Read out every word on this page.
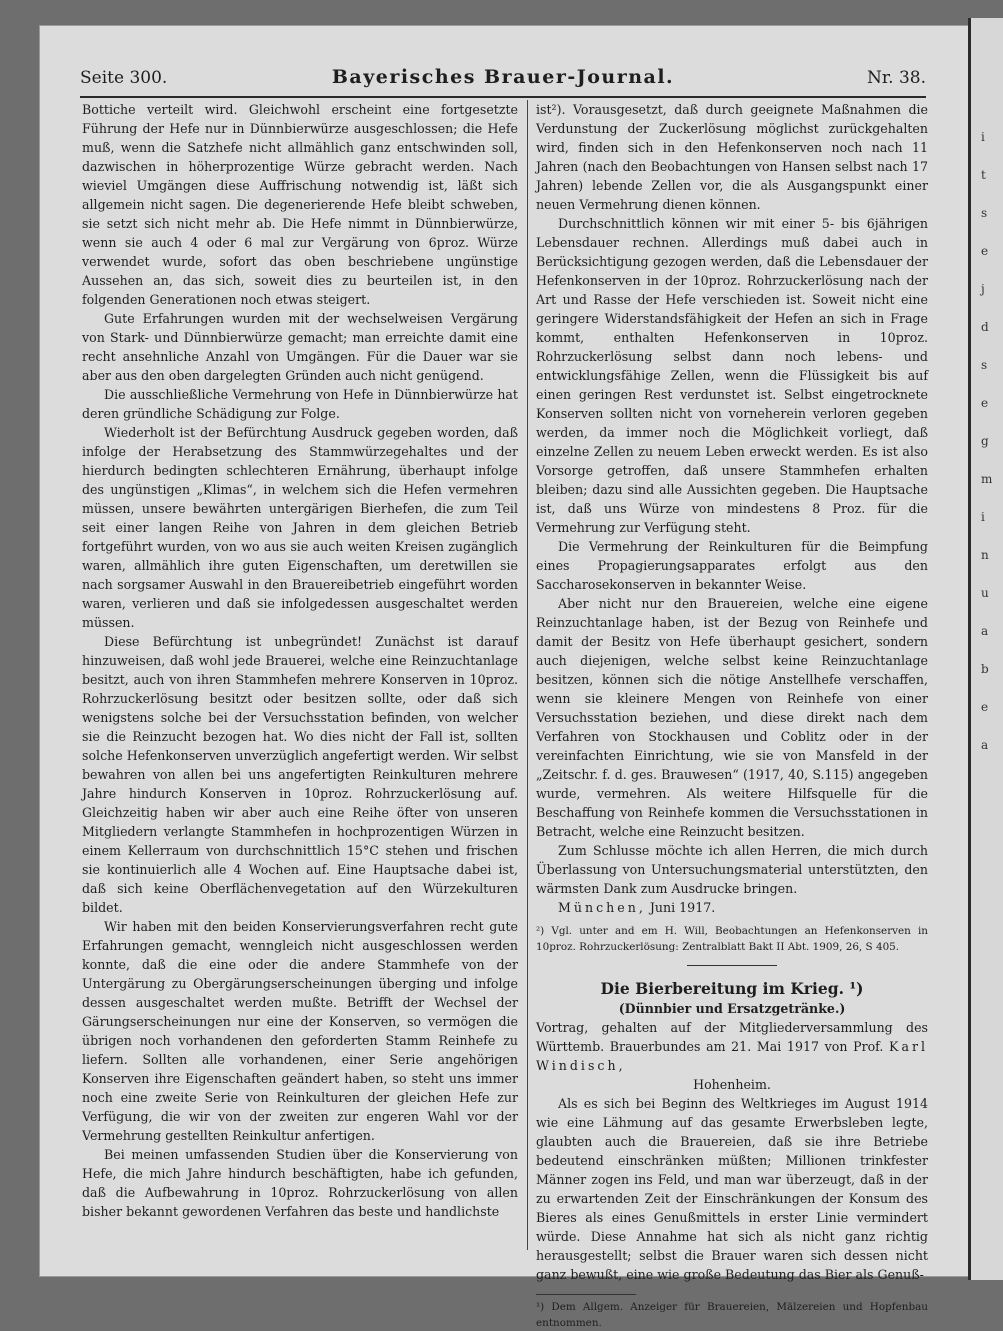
i
t
s
e
j
d
s
e
g
m
i
n
u
a
b
e
a
Seite 300.	Bayerisches Brauer-Journal.	Nr. 38.

Bottiche verteilt wird. Gleichwohl erscheint eine fortgesetzte Führung der Hefe nur in Dünnbierwürze ausgeschlossen; die Hefe muß, wenn die Satzhefe nicht allmählich ganz entschwinden soll, dazwischen in höherprozentige Würze gebracht werden. Nach wieviel Umgängen diese Auffrischung notwendig ist, läßt sich allgemein nicht sagen. Die degenerierende Hefe bleibt schweben, sie setzt sich nicht mehr ab. Die Hefe nimmt in Dünnbierwürze, wenn sie auch 4 oder 6 mal zur Vergärung von 6proz. Würze verwendet wurde, sofort das oben beschriebene ungünstige Aussehen an, das sich, soweit dies zu beurteilen ist, in den folgenden Generationen noch etwas steigert.

Gute Erfahrungen wurden mit der wechselweisen Vergärung von Stark- und Dünnbierwürze gemacht; man erreichte damit eine recht ansehnliche Anzahl von Umgängen. Für die Dauer war sie aber aus den oben dargelegten Gründen auch nicht genügend.

Die ausschließliche Vermehrung von Hefe in Dünnbierwürze hat deren gründliche Schädigung zur Folge.

Wiederholt ist der Befürchtung Ausdruck gegeben worden, daß infolge der Herabsetzung des Stammwürzegehaltes und der hierdurch bedingten schlechteren Ernährung, überhaupt infolge des ungünstigen „Klimas“, in welchem sich die Hefen vermehren müssen, unsere bewährten untergärigen Bierhefen, die zum Teil seit einer langen Reihe von Jahren in dem gleichen Betrieb fortgeführt wurden, von wo aus sie auch weiten Kreisen zugänglich waren, allmählich ihre guten Eigenschaften, um deretwillen sie nach sorgsamer Auswahl in den Brauereibetrieb eingeführt worden waren, verlieren und daß sie infolgedessen ausgeschaltet werden müssen.

Diese Befürchtung ist unbegründet! Zunächst ist darauf hinzuweisen, daß wohl jede Brauerei, welche eine Reinzuchtanlage besitzt, auch von ihren Stammhefen mehrere Konserven in 10proz. Rohrzuckerlösung besitzt oder besitzen sollte, oder daß sich wenigstens solche bei der Versuchsstation befinden, von welcher sie die Reinzucht bezogen hat. Wo dies nicht der Fall ist, sollten solche Hefenkonserven unverzüglich angefertigt werden. Wir selbst bewahren von allen bei uns angefertigten Reinkulturen mehrere Jahre hindurch Konserven in 10proz. Rohrzuckerlösung auf. Gleichzeitig haben wir aber auch eine Reihe öfter von unseren Mitgliedern verlangte Stammhefen in hochprozentigen Würzen in einem Kellerraum von durchschnittlich 15°C stehen und frischen sie kontinuierlich alle 4 Wochen auf. Eine Hauptsache dabei ist, daß sich keine Oberflächenvegetation auf den Würzekulturen bildet.

Wir haben mit den beiden Konservierungsverfahren recht gute Erfahrungen gemacht, wenngleich nicht ausgeschlossen werden konnte, daß die eine oder die andere Stammhefe von der Untergärung zu Obergärungserscheinungen überging und infolge dessen ausgeschaltet werden mußte. Betrifft der Wechsel der Gärungserscheinungen nur eine der Konserven, so vermögen die übrigen noch vorhandenen den geforderten Stamm Reinhefe zu liefern. Sollten alle vorhandenen, einer Serie angehörigen Konserven ihre Eigenschaften geändert haben, so steht uns immer noch eine zweite Serie von Reinkulturen der gleichen Hefe zur Verfügung, die wir von der zweiten zur engeren Wahl vor der Vermehrung gestellten Reinkultur anfertigen.

Bei meinen umfassenden Studien über die Konservierung von Hefe, die mich Jahre hindurch beschäftigten, habe ich gefunden, daß die Aufbewahrung in 10proz. Rohrzuckerlösung von allen bisher bekannt gewordenen Verfahren das beste und handlichste

ist²). Vorausgesetzt, daß durch geeignete Maßnahmen die Verdunstung der Zuckerlösung möglichst zurückgehalten wird, finden sich in den Hefenkonserven noch nach 11 Jahren (nach den Beobachtungen von Hansen selbst nach 17 Jahren) lebende Zellen vor, die als Ausgangspunkt einer neuen Vermehrung dienen können.

Durchschnittlich können wir mit einer 5- bis 6jährigen Lebensdauer rechnen. Allerdings muß dabei auch in Berücksichtigung gezogen werden, daß die Lebensdauer der Hefenkonserven in der 10proz. Rohrzuckerlösung nach der Art und Rasse der Hefe verschieden ist. Soweit nicht eine geringere Widerstandsfähigkeit der Hefen an sich in Frage kommt, enthalten Hefenkonserven in 10proz. Rohrzuckerlösung selbst dann noch lebens- und entwicklungsfähige Zellen, wenn die Flüssigkeit bis auf einen geringen Rest verdunstet ist. Selbst eingetrocknete Konserven sollten nicht von vorneherein verloren gegeben werden, da immer noch die Möglichkeit vorliegt, daß einzelne Zellen zu neuem Leben erweckt werden. Es ist also Vorsorge getroffen, daß unsere Stammhefen erhalten bleiben; dazu sind alle Aussichten gegeben. Die Hauptsache ist, daß uns Würze von mindestens 8 Proz. für die Vermehrung zur Verfügung steht.

Die Vermehrung der Reinkulturen für die Beimpfung eines Propagierungsapparates erfolgt aus den Saccharosekonserven in bekannter Weise.

Aber nicht nur den Brauereien, welche eine eigene Reinzuchtanlage haben, ist der Bezug von Reinhefe und damit der Besitz von Hefe überhaupt gesichert, sondern auch diejenigen, welche selbst keine Reinzuchtanlage besitzen, können sich die nötige Anstellhefe verschaffen, wenn sie kleinere Mengen von Reinhefe von einer Versuchsstation beziehen, und diese direkt nach dem Verfahren von Stockhausen und Coblitz oder in der vereinfachten Einrichtung, wie sie von Mansfeld in der „Zeitschr. f. d. ges. Brauwesen“ (1917, 40, S.115) angegeben wurde, vermehren. Als weitere Hilfsquelle für die Beschaffung von Reinhefe kommen die Versuchsstationen in Betracht, welche eine Reinzucht besitzen.

Zum Schlusse möchte ich allen Herren, die mich durch Überlassung von Untersuchungsmaterial unterstützten, den wärmsten Dank zum Ausdrucke bringen.

München, Juni 1917.

²) Vgl. unter and em H. Will, Beobachtungen an Hefenkonserven in 10proz. Rohrzuckerlösung: Zentralblatt Bakt II Abt. 1909, 26, S 405.
Die Bierbereitung im Krieg. ¹)
(Dünnbier und Ersatzgetränke.)

Vortrag, gehalten auf der Mitgliederversammlung des Württemb. Brauerbundes am 21. Mai 1917 von Prof. Karl Windisch,

Hohenheim.

Als es sich bei Beginn des Weltkrieges im August 1914 wie eine Lähmung auf das gesamte Erwerbsleben legte, glaubten auch die Brauereien, daß sie ihre Betriebe bedeutend einschränken müßten; Millionen trinkfester Männer zogen ins Feld, und man war überzeugt, daß in der zu erwartenden Zeit der Einschränkungen der Konsum des Bieres als eines Genußmittels in erster Linie vermindert würde. Diese Annahme hat sich als nicht ganz richtig herausgestellt; selbst die Brauer waren sich dessen nicht ganz bewußt, eine wie große Bedeutung das Bier als Genuß-

¹) Dem Allgem. Anzeiger für Brauereien, Mälzereien und Hopfenbau entnommen.
